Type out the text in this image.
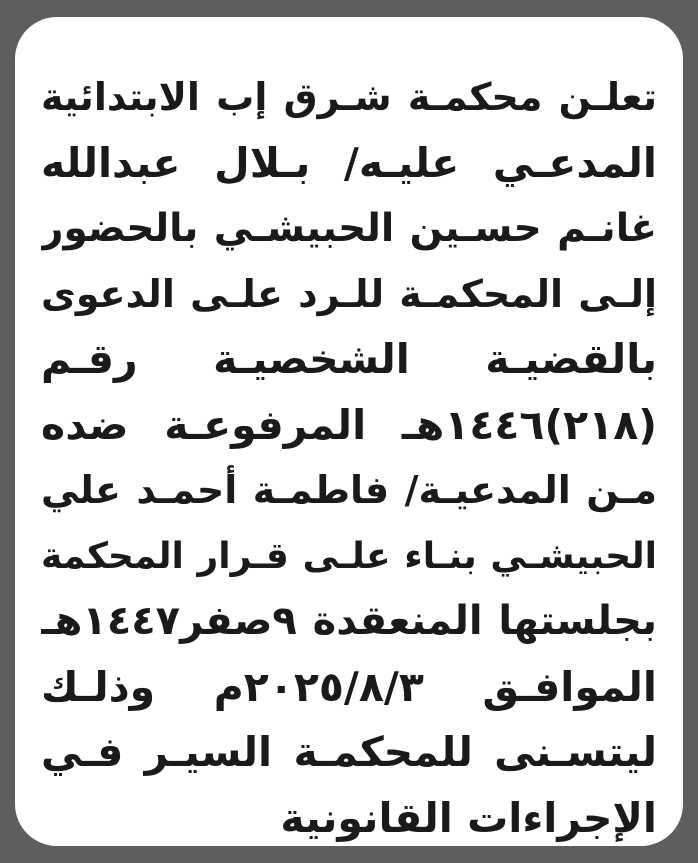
تعلـن محكمـة شـرق إب الابتدائية
المدعـي عليـه/ بـلال عبدالله
غانـم حسـين الحبيشـي بالحضور
إلـى المحكمـة للـرد علـى الدعوى
بالقضيـة الشخصيـة رقـم
(٢١٨)١٤٤٦هـ المرفوعـة ضده
مـن المدعيـة/ فاطمـة أحمـد علي
الحبيشـي بنـاء علـى قـرار المحكمة
بجلستها المنعقدة ٩صفر١٤٤٧هـ
الموافـق ٢٠٢٥/٨/٣م وذلـك
ليتسـنى للمحكمـة السيـر فـي
الإجراءات القانونية
